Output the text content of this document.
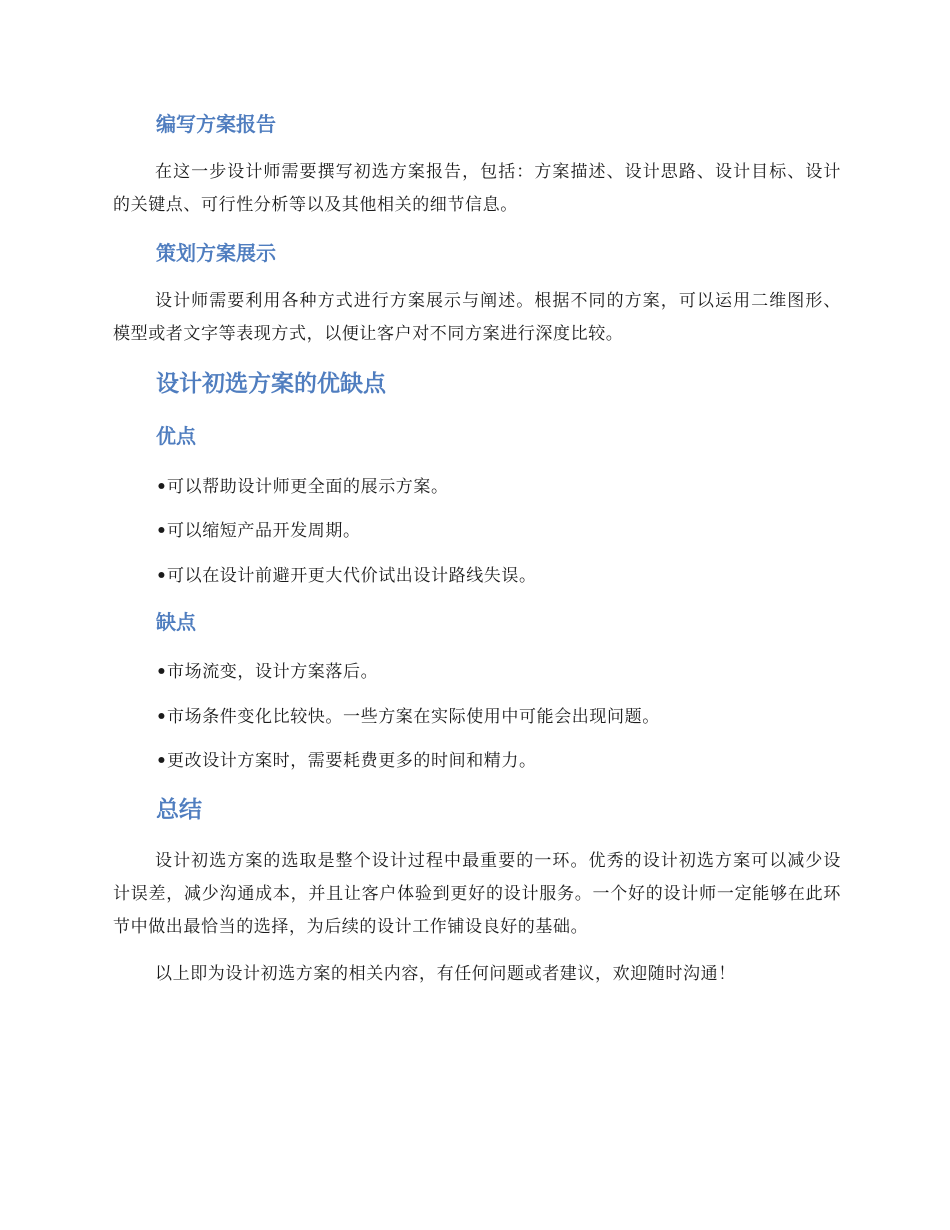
编写方案报告

在这一步设计师需要撰写初选方案报告，包括：方案描述、设计思路、设计目标、设计的关键点、可行性分析等以及其他相关的细节信息。

策划方案展示

设计师需要利用各种方式进行方案展示与阐述。根据不同的方案，可以运用二维图形、模型或者文字等表现方式，以便让客户对不同方案进行深度比较。

设计初选方案的优缺点
优点

•可以帮助设计师更全面的展示方案。

•可以缩短产品开发周期。

•可以在设计前避开更大代价试出设计路线失误。

缺点

•市场流变，设计方案落后。

•市场条件变化比较快。一些方案在实际使用中可能会出现问题。

•更改设计方案时，需要耗费更多的时间和精力。

总结

设计初选方案的选取是整个设计过程中最重要的一环。优秀的设计初选方案可以减少设计误差，减少沟通成本，并且让客户体验到更好的设计服务。一个好的设计师一定能够在此环节中做出最恰当的选择，为后续的设计工作铺设良好的基础。

以上即为设计初选方案的相关内容，有任何问题或者建议，欢迎随时沟通！
